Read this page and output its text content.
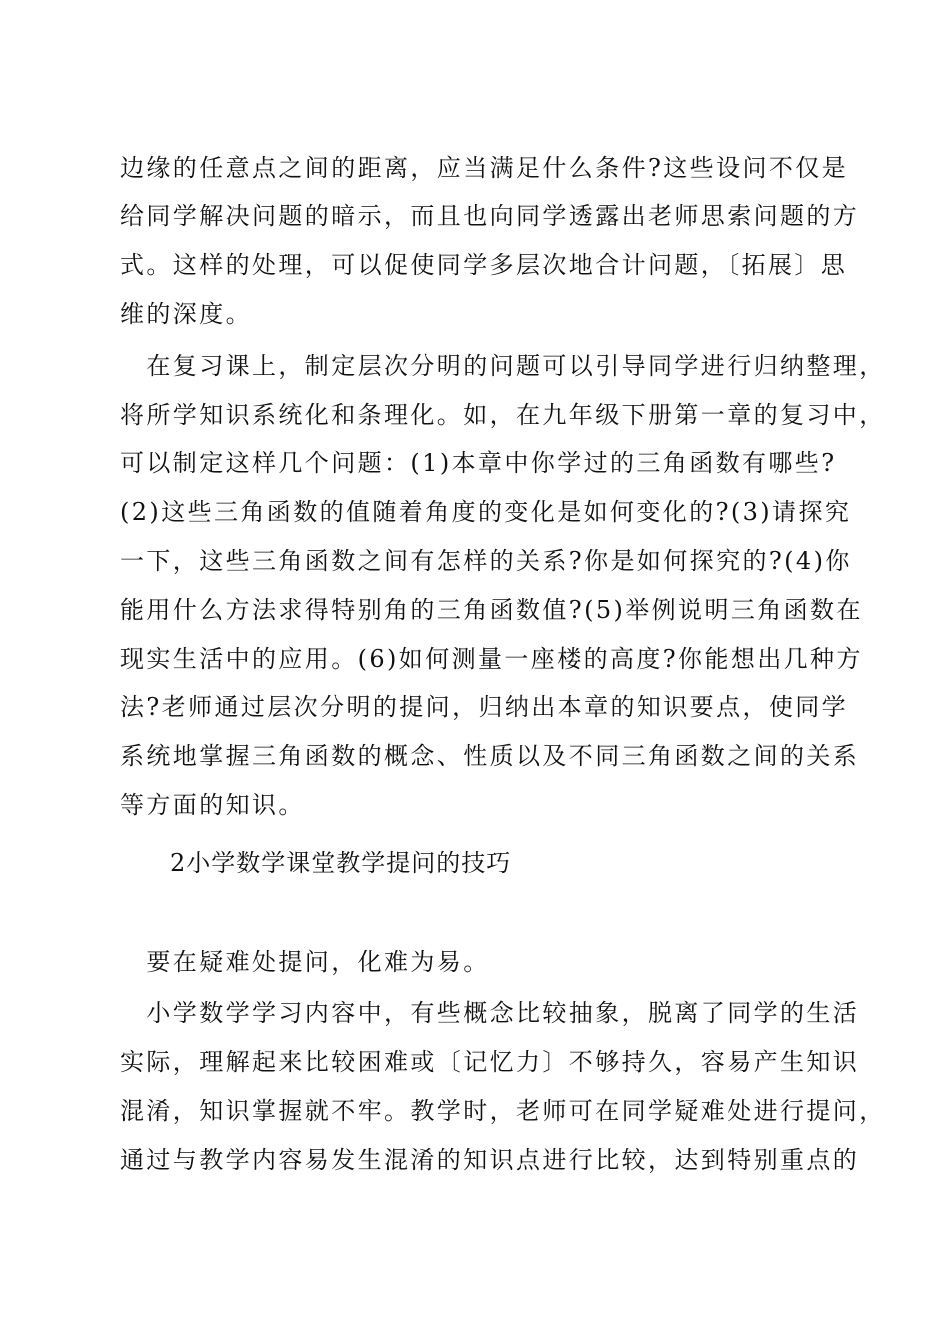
边缘的任意点之间的距离，应当满足什么条件?这些设问不仅是
给同学解决问题的暗示，而且也向同学透露出老师思索问题的方
式。这样的处理，可以促使同学多层次地合计问题，〔拓展〕思
维的深度。
　在复习课上，制定层次分明的问题可以引导同学进行归纳整理，
将所学知识系统化和条理化。如，在九年级下册第一章的复习中，
可以制定这样几个问题：(1)本章中你学过的三角函数有哪些?
(2)这些三角函数的值随着角度的变化是如何变化的?(3)请探究
一下，这些三角函数之间有怎样的关系?你是如何探究的?(4)你
能用什么方法求得特别角的三角函数值?(5)举例说明三角函数在
现实生活中的应用。(6)如何测量一座楼的高度?你能想出几种方
法?老师通过层次分明的提问，归纳出本章的知识要点，使同学
系统地掌握三角函数的概念、性质以及不同三角函数之间的关系
等方面的知识。
2小学数学课堂教学提问的技巧
　要在疑难处提问，化难为易。
　小学数学学习内容中，有些概念比较抽象，脱离了同学的生活
实际，理解起来比较困难或〔记忆力〕不够持久，容易产生知识
混淆，知识掌握就不牢。教学时，老师可在同学疑难处进行提问，
通过与教学内容易发生混淆的知识点进行比较，达到特别重点的
